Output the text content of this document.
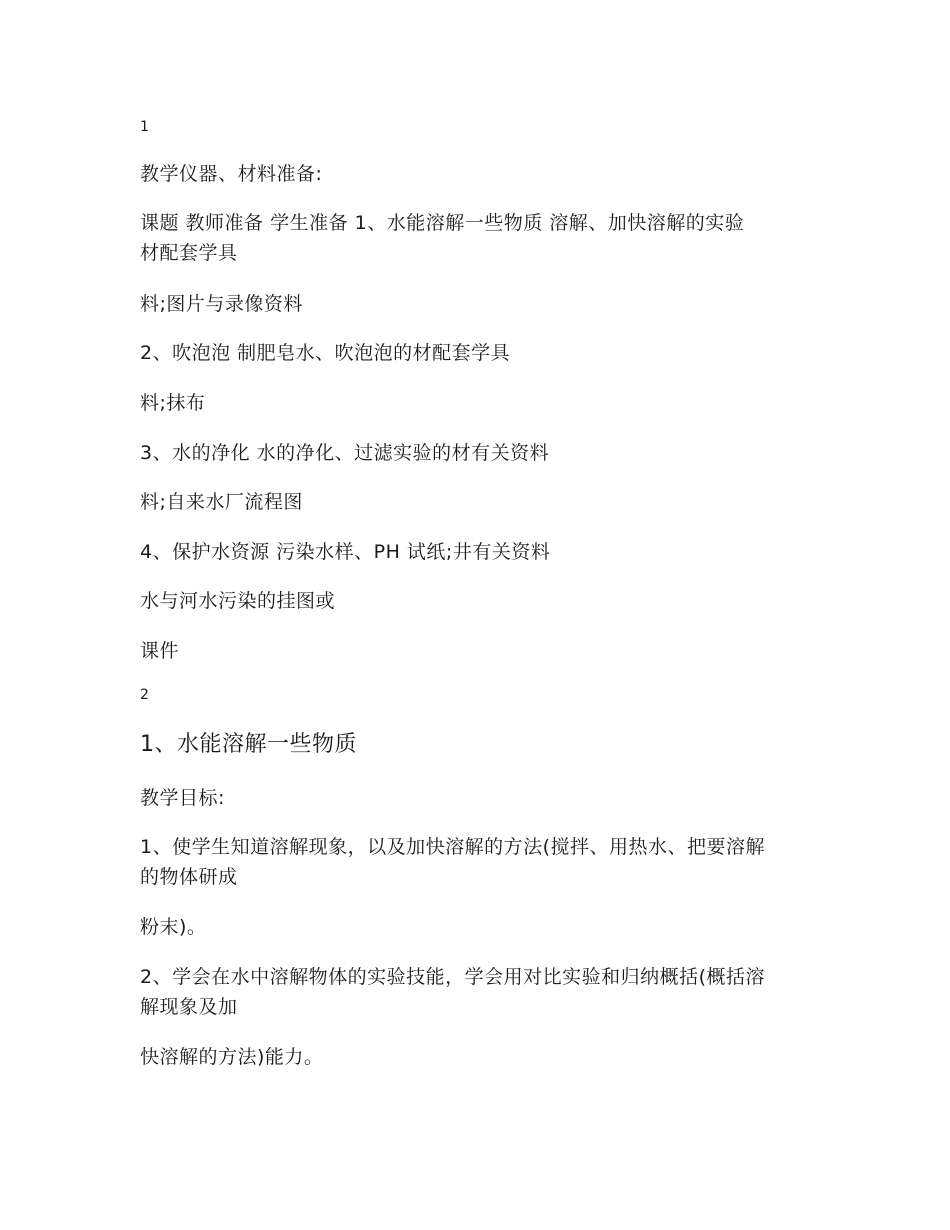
1
教学仪器、材料准备:
课题 教师准备 学生准备 1、水能溶解一些物质 溶解、加快溶解的实验
材配套学具
料;图片与录像资料
2、吹泡泡 制肥皂水、吹泡泡的材配套学具
料;抹布
3、水的净化 水的净化、过滤实验的材有关资料
料;自来水厂流程图
4、保护水资源 污染水样、PH 试纸;井有关资料
水与河水污染的挂图或
课件
2
1、水能溶解一些物质
教学目标:
1、使学生知道溶解现象，以及加快溶解的方法(搅拌、用热水、把要溶解
的物体研成
粉末)。
2、学会在水中溶解物体的实验技能，学会用对比实验和归纳概括(概括溶
解现象及加
快溶解的方法)能力。
